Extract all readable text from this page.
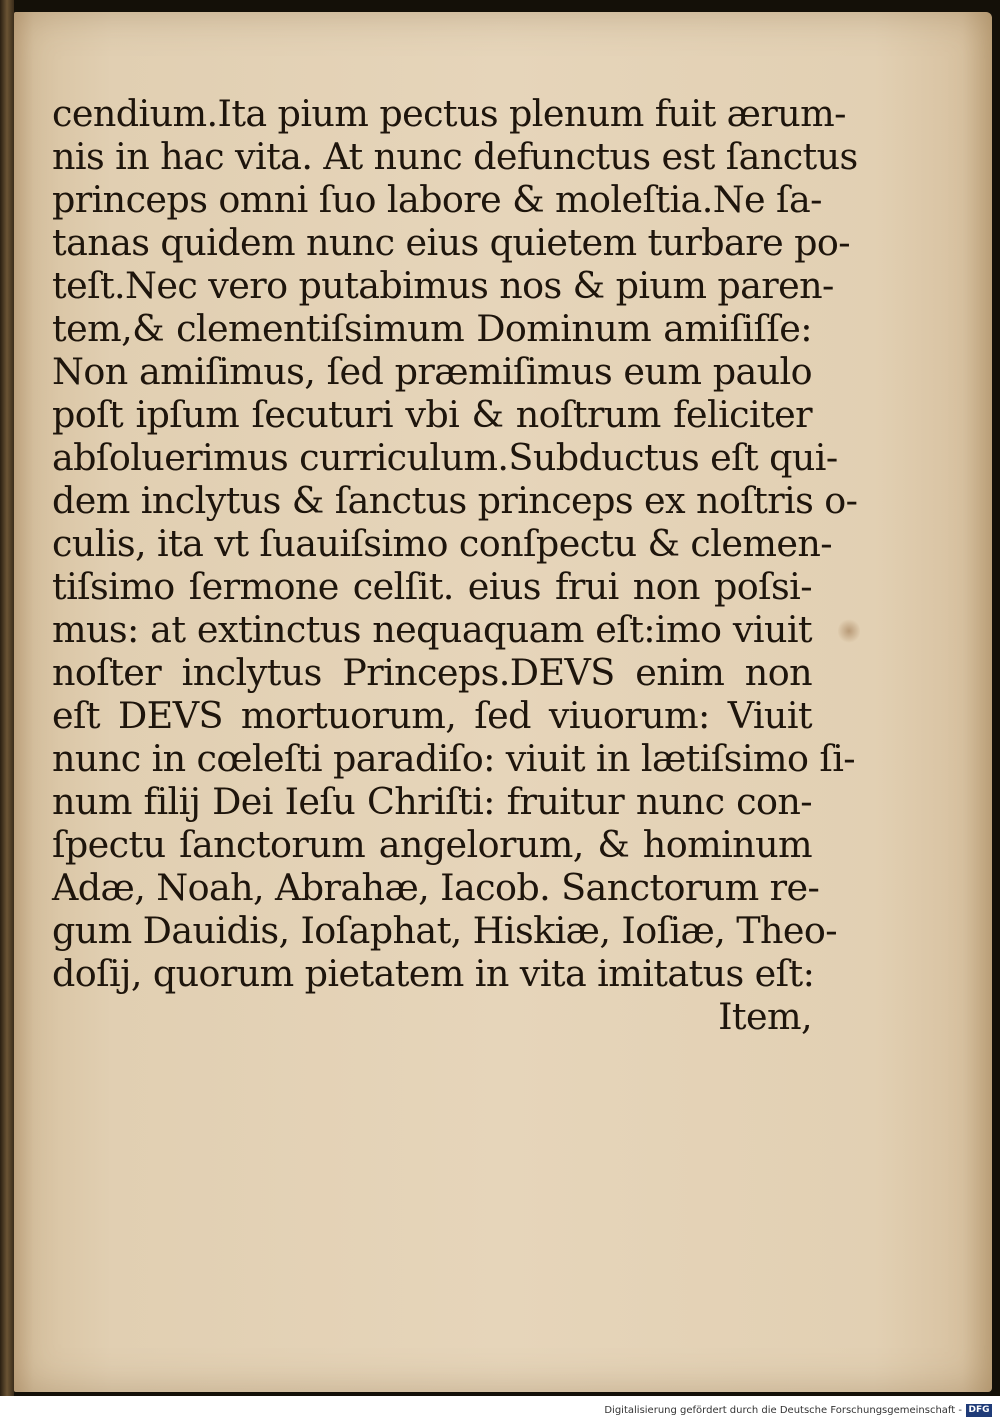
cendium.Ita pium pectus plenum fuit ærum-
nis in hac vita. At nunc defunctus est ſanctus
princeps omni ſuo labore & moleſtia.Ne ſa-
tanas quidem nunc eius quietem turbare po-
teſt.Nec vero putabimus nos & pium paren-
tem,& clementiſsimum Dominum amiſiſſe:
Non amiſimus, ſed præmiſimus eum paulo
poſt ipſum ſecuturi vbi & noſtrum feliciter
abſoluerimus curriculum.Subductus eſt qui-
dem inclytus & ſanctus princeps ex noſtris o-
culis, ita vt ſuauiſsimo conſpectu & clemen-
tiſsimo ſermone celſit. eius frui non poſsi-
mus: at extinctus nequaquam eſt:imo viuit
noſter inclytus Princeps.DEVS enim non
eſt DEVS mortuorum, ſed viuorum: Viuit
nunc in cœleſti paradiſo: viuit in lætiſsimo ſi-
num filij Dei Ieſu Chriſti: fruitur nunc con-
ſpectu ſanctorum angelorum, & hominum
Adæ, Noah, Abrahæ, Iacob. Sanctorum re-
gum Dauidis, Ioſaphat, Hiskiæ, Ioſiæ, Theo-
doſij, quorum pietatem in vita imitatus eſt:
Item,
Digitalisierung gefördert durch die Deutsche Forschungsgemeinschaft - DFG
